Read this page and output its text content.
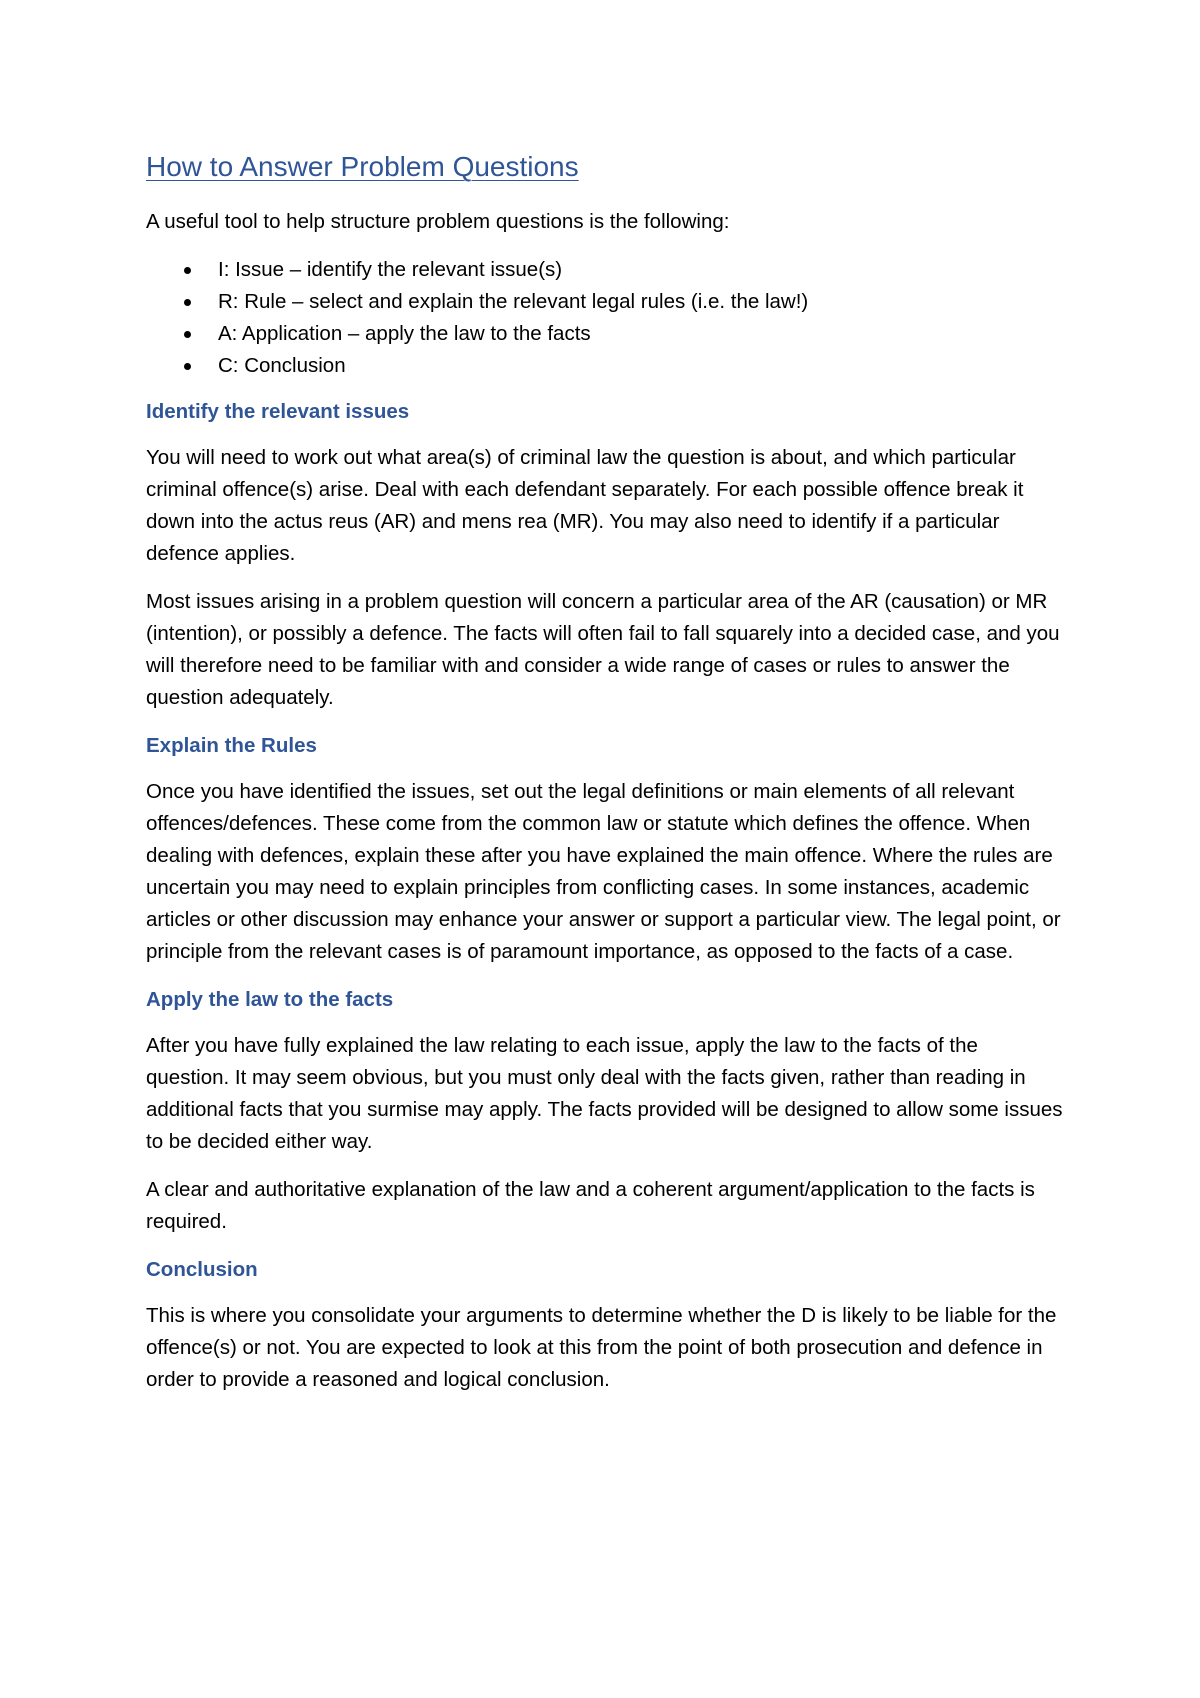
How to Answer Problem Questions

A useful tool to help structure problem questions is the following:

I: Issue – identify the relevant issue(s)
R: Rule – select and explain the relevant legal rules (i.e. the law!)
A: Application – apply the law to the facts
C: Conclusion
Identify the relevant issues

You will need to work out what area(s) of criminal law the question is about, and which particular criminal offence(s) arise. Deal with each defendant separately. For each possible offence break it down into the actus reus (AR) and mens rea (MR). You may also need to identify if a particular defence applies.

Most issues arising in a problem question will concern a particular area of the AR (causation) or MR (intention), or possibly a defence. The facts will often fail to fall squarely into a decided case, and you will therefore need to be familiar with and consider a wide range of cases or rules to answer the question adequately.

Explain the Rules

Once you have identified the issues, set out the legal definitions or main elements of all relevant offences/defences. These come from the common law or statute which defines the offence. When dealing with defences, explain these after you have explained the main offence. Where the rules are uncertain you may need to explain principles from conflicting cases. In some instances, academic articles or other discussion may enhance your answer or support a particular view. The legal point, or principle from the relevant cases is of paramount importance, as opposed to the facts of a case.

Apply the law to the facts

After you have fully explained the law relating to each issue, apply the law to the facts of the question. It may seem obvious, but you must only deal with the facts given, rather than reading in additional facts that you surmise may apply. The facts provided will be designed to allow some issues to be decided either way.

A clear and authoritative explanation of the law and a coherent argument/application to the facts is required.

Conclusion

This is where you consolidate your arguments to determine whether the D is likely to be liable for the offence(s) or not. You are expected to look at this from the point of both prosecution and defence in order to provide a reasoned and logical conclusion.
